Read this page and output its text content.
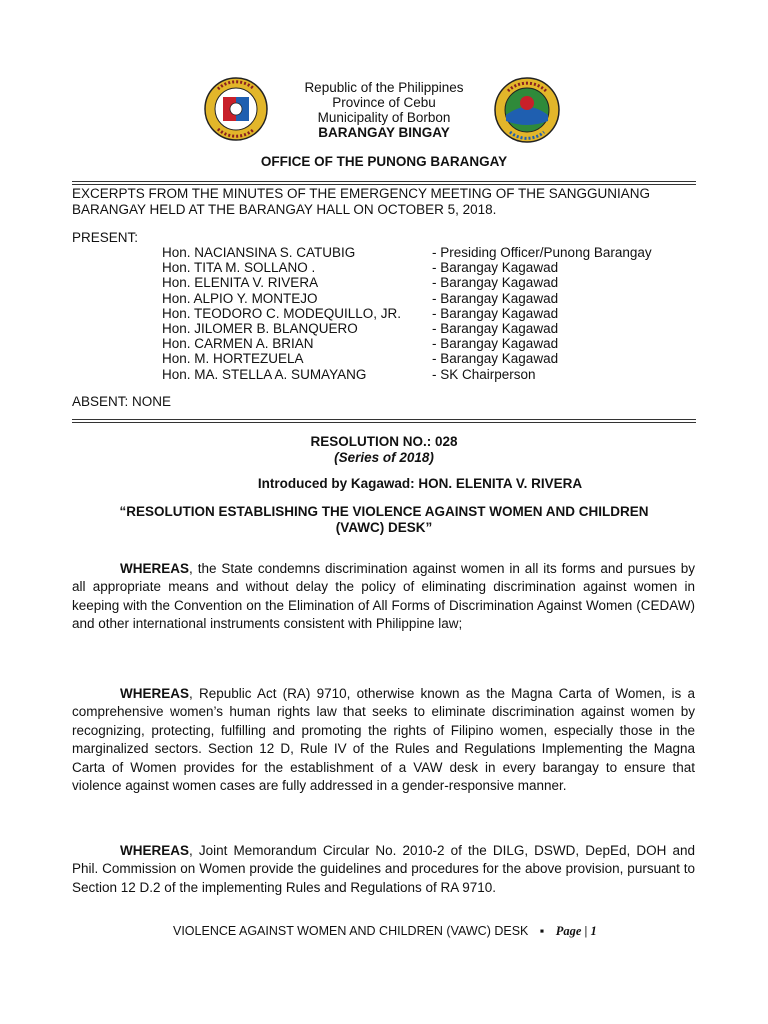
Republic of the Philippines
Province of Cebu
Municipality of Borbon
BARANGAY BINGAY
OFFICE OF THE PUNONG BARANGAY
EXCERPTS FROM THE MINUTES OF THE EMERGENCY MEETING OF THE SANGGUNIANG
BARANGAY HELD AT THE BARANGAY HALL ON OCTOBER 5, 2018.
PRESENT:
Hon. NACIANSINA S. CATUBIG	- Presiding Officer/Punong Barangay
Hon. TITA M. SOLLANO .	- Barangay Kagawad
Hon. ELENITA V. RIVERA	- Barangay Kagawad
Hon. ALPIO Y. MONTEJO	- Barangay Kagawad
Hon. TEODORO C. MODEQUILLO, JR.	- Barangay Kagawad
Hon. JILOMER B. BLANQUERO	- Barangay Kagawad
Hon. CARMEN A. BRIAN	- Barangay Kagawad
Hon. M. HORTEZUELA	- Barangay Kagawad
Hon. MA. STELLA A. SUMAYANG	- SK Chairperson
ABSENT: NONE
RESOLUTION NO.: 028
(Series of 2018)
Introduced by Kagawad: HON. ELENITA V. RIVERA
“RESOLUTION ESTABLISHING THE VIOLENCE AGAINST WOMEN AND CHILDREN
(VAWC) DESK”

WHEREAS, the State condemns discrimination against women in all its forms and pursues by all appropriate means and without delay the policy of eliminating discrimination against women in keeping with the Convention on the Elimination of All Forms of Discrimination Against Women (CEDAW) and other international instruments consistent with Philippine law;

WHEREAS, Republic Act (RA) 9710, otherwise known as the Magna Carta of Women, is a comprehensive women’s human rights law that seeks to eliminate discrimination against women by recognizing, protecting, fulfilling and promoting the rights of Filipino women, especially those in the marginalized sectors. Section 12 D, Rule IV of the Rules and Regulations Implementing the Magna Carta of Women provides for the establishment of a VAW desk in every barangay to ensure that violence against women cases are fully addressed in a gender-responsive manner.

WHEREAS, Joint Memorandum Circular No. 2010-2 of the DILG, DSWD, DepEd, DOH and Phil. Commission on Women provide the guidelines and procedures for the above provision, pursuant to Section 12 D.2 of the implementing Rules and Regulations of RA 9710.

VIOLENCE AGAINST WOMEN AND CHILDREN (VAWC) DESK ▪ Page | 1
